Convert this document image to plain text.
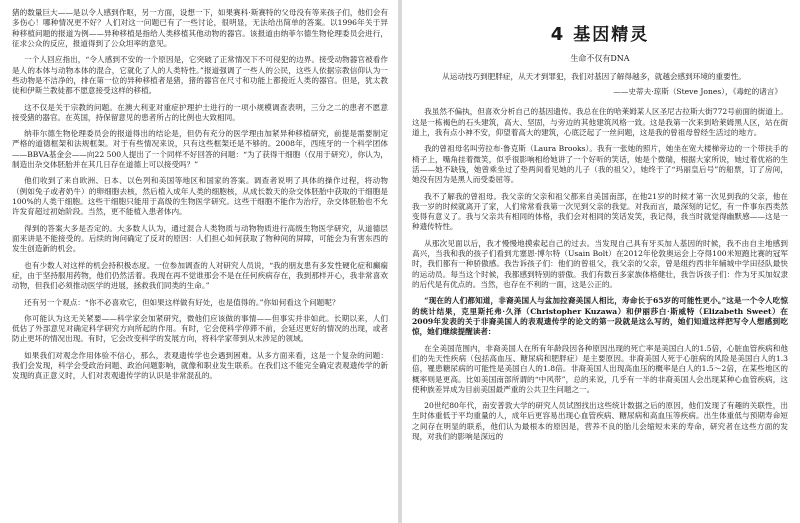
猪的数量巨大——是以令人感到作呕，另一方面，设想一下，如果赛科·斯赛特的父母没有等来孩子们，他们会有多伤心！哪种情况更不好？人们对这一问题已有了一些讨论，很明显，无法给出简单的答案。以1996年关于异种移植问题的报道为例——异种移植是指给人类移植其他动物的器官。该报道由纳菲尔德生物伦理委员会进行，征求公众的反应，报道得到了公众坦率的意见。

一个人回应指出，“令人感到不安的一个原因是，它突破了正常情况下不可侵犯的边界。接受动物器官被看作是人的本体与动物本体的混合，它就化了人的人类特性。”报道强调了一些人的公民，这些人依据宗教信仰认为一些动物是不洁净的，排在第一位的异种移植者是猪，猪的器官在尺寸和功能上都接近人类的器官。但是，犹太教徒和伊斯兰教徒都不愿意接受这样的移植。

这不仅是关于宗教的问题。在澳大利亚对重症护理护士进行的一项小规模调查表明，三分之二的患者不愿意接受猪的器官。在英国，持保留意见的患者所占的比例也大致相同。

纳菲尔德生物伦理委员会的报道得出的结论是，但仍有充分的医学理由加紧异种移植研究，前提是需要制定严格的道德框架和法规框架。对于有些情况来说，只有这些框架还是不够的。2008年，西班牙的一个科学团体——BBVA基金会——向22 500人提出了一个同样不好回答的问题：“为了获得干细胞（仅用于研究），你认为，制造出杂交体胚胎并在其几日存在道德上可以接受吗？”

他们收到了来自欧洲、日本、以色列和美国等地区和国家的答案。调查者说明了具体的操作过程，将动物（例如兔子或者奶牛）的卵细胞去核，然后植入成年人类的细胞核，从成长数天的杂交体胚胎中获取的干细胞是100%的人类干细胞。这些干细胞只能用于高级的生物医学研究。这些干细胞不能作为治疗，杂交体胚胎也不允许发育超过初始阶段。当然，更不能植入患者体内。

得到的答案大多是否定的。大多数人认为，通过混合人类物质与动物物质进行高级生物医学研究，从道德层面来讲是不能接受的。后续的询问确定了反对的原因：人们担心如何获取了物种间的屏障，可能会为有害东西的发生创造新的机会。

也有少数人对这样的机会持积极态度。一位参加调查的人对研究人员说，“我的朋友患有多发性硬化症和癫痫症，由于坚持服用药物，他们仍然活着。我现在再不觉谁那会不是在任何疾病存在，我到那样开心，我非常喜欢动物，但我们必须推动医学的进展，拯救我们同类的生命。”

还有另一个观点：“你不必喜欢它，但如果这样做有好处，也是值得的。”你如何看这个问题呢？

你可能认为这无关紧要——科学家会加紧研究，微他们应该做的事情——但事实并非如此。长期以来，人们低估了外部意见对确定科学研究方向所起的作用。有时，它会使科学停滞不前，会延迟更好的情况的出现，或者防止更坏的情况出现。有时，它会改变科学的发展方向，将科学家带到从未涉足的领域。

如果我们对观念作用体验不信心，那么，表观遗传学也会遇到困难。从多方面来看，这是一个复杂的问题：我们会发现，科学会受政治问题、政治问题影响，就像和职业发生联系。在我们这不能完全确定表观遗传学的新发现的真正意义时，人们对表观遗传学的认识是非常混乱的。

4 基因精灵
生命不仅有DNA
从运动技巧到肥胖症，从天才到罪犯，我们对基因了解得越多，就越会感到环境的重要性。
——史蒂夫·琼斯（Steve Jones），《毒蛇的诸言》

我虽然不偏执，但喜欢分析自己的基因遗传。我总在住的哈莱姆某人区圣尼古拉斯大街772号前面的街道上。这是一栋褐色的石头建筑，高大、坚固，与旁边的其他建筑风格一致。这是我第一次来到哈莱姆黑人区，站在街道上，我有点小神不安，仰望着高大的建筑，心底泛起了一丝问题，这是我的曾祖母曾经生活过的地方。

我的曾祖母名叫劳拉布·鲁克斯（Laura Brooks）。我有一张她的照片，她坐在宽大楼梯旁边的一个带扶手的椅子上，嘴角挂着微笑，似乎很影响相给她讲了一个好听的笑话，她是个微瑞，根据大家所说，她过着优裕的生活——她不缺钱，她曾乘坐过了垫两间看见她的儿子（我的祖父），她终于了“玛丽皇后号”的船票，订了房间，她没有因为是黑人而受委屈等。

我不了解我的曾祖母。我父亲的父亲和祖父都来自美国南部，在他21岁的时候才第一次见到我的父亲，他在我一岁的时候就离开了家，人们常常看我第一次见到父亲的我觉。对我而言，最深刻的记忆，有一件事东西类然变得有意义了。我与父亲共有相同的体格，我们会对相同的笑话发笑，我记得，我当时就觉得幽默感——这是一种遗传特性。

从那次见面以后，我才慢慢地摸索起自己的过去。当发现自己具有牙买加人基因的时候，我不由自主地感到高兴，当我和我的孩子们看到尤塞恩·博尔特（Usain Bolt）在2012年伦敦奥运会上夺得100米短跑比赛的冠军时，我们都有一种骄傲感。我告诉孩子们：他们的曾祖父，我父亲的父亲，曾是组约西非年辅城中学田径队最快的运动员。每当这个时候，我都感到特别的骄傲。我们有数百多家族体格健壮，我告诉孩子们：作为牙买加奴隶的后代是有优点的。当然，也存在不利的一面，这是公正的。

“现在的人们都知道，非裔美国人与盆加拉裔美国人相比，寿命长于65岁的可能性更小。”这是一个令人吃惊的统计结果，克里斯托弗·久泽（Christopher Kuzawa）和伊丽莎白·斯威特（Elizabeth Sweet）在2009年发表的关于非裔美国人的表观遗传学的论文的第一段就是这么写的，她们知道这样把写令人想感到吃惊，她们继续提醒读者：

在全美国范围内，非裔美国人在所有年龄段因各种原因出现的死亡率是美国白人的1.5倍，心脏血管疾病和他们的先天性疾病（包括高血压、糖尿病和肥胖症）是主要原因。非裔美国人死于心脏病的风险是美国白人的1.3倍，罹患糖尿病的可能性是美国白人的1.8倍。非裔美国人出现高血压的概率是白人的1.5～2倍，在某些地区的概率则是更高。比如美国南部所谓的“中风带”，总的来说，几乎有一半的非裔美国人会出现某种心血管疾病，这使种族差异成为目前美国最严重的公共卫生问题之一。

20世纪80年代，南安普敦大学的研究人员试图找出这些统计数据之后的原因，他们发现了有趣的关联性，出生时体重低于平均重量的人，成年后更容易出现心血管疾病、糖尿病和高血压等疾病。出生体重低与预期寿命短之间存在明显的联系，他们认为最根本的原因是，营养不良的胎儿会缩短未来的寿命，研究者在这些方面的发现，对我们的影响是深远的
